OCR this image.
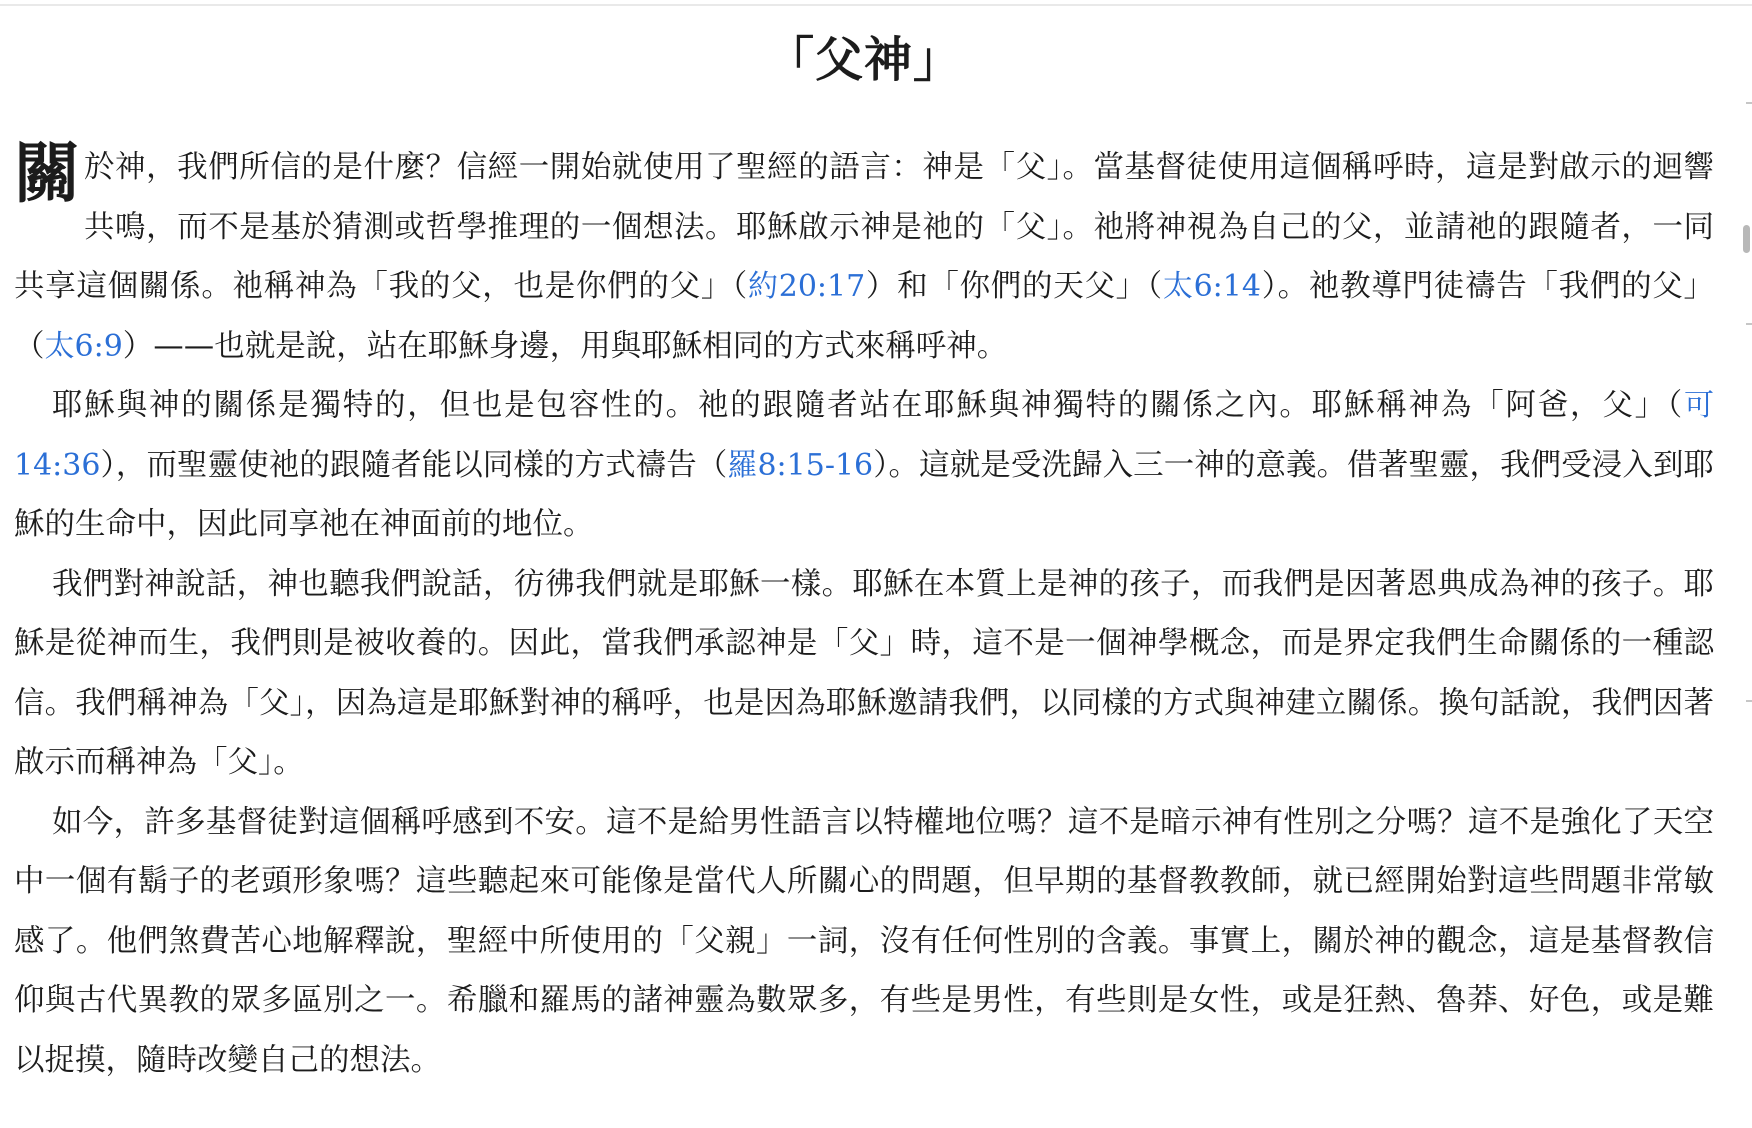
「父神」

關於神，我們所信的是什麼？信經一開始就使用了聖經的語言：神是「父」。當基督徒使用這個稱呼時，這是對啟示的迴響共鳴，而不是基於猜測或哲學推理的一個想法。耶穌啟示神是祂的「父」。祂將神視為自己的父，並請祂的跟隨者，一同共享這個關係。祂稱神為「我的父，也是你們的父」（約20:17）和「你們的天父」（太6:14）。祂教導門徒禱告「我們的父」（太6:9）——也就是說，站在耶穌身邊，用與耶穌相同的方式來稱呼神。

耶穌與神的關係是獨特的，但也是包容性的。祂的跟隨者站在耶穌與神獨特的關係之內。耶穌稱神為「阿爸，父」（可14:36），而聖靈使祂的跟隨者能以同樣的方式禱告（羅8:15-16）。這就是受洗歸入三一神的意義。借著聖靈，我們受浸入到耶穌的生命中，因此同享祂在神面前的地位。

我們對神說話，神也聽我們說話，彷彿我們就是耶穌一樣。耶穌在本質上是神的孩子，而我們是因著恩典成為神的孩子。耶穌是從神而生，我們則是被收養的。因此，當我們承認神是「父」時，這不是一個神學概念，而是界定我們生命關係的一種認信。我們稱神為「父」，因為這是耶穌對神的稱呼，也是因為耶穌邀請我們，以同樣的方式與神建立關係。換句話說，我們因著啟示而稱神為「父」。

如今，許多基督徒對這個稱呼感到不安。這不是給男性語言以特權地位嗎？這不是暗示神有性別之分嗎？這不是強化了天空中一個有鬍子的老頭形象嗎？這些聽起來可能像是當代人所關心的問題，但早期的基督教教師，就已經開始對這些問題非常敏感了。他們煞費苦心地解釋說，聖經中所使用的「父親」一詞，沒有任何性別的含義。事實上，關於神的觀念，這是基督教信仰與古代異教的眾多區別之一。希臘和羅馬的諸神靈為數眾多，有些是男性，有些則是女性，或是狂熱、魯莽、好色，或是難以捉摸，隨時改變自己的想法。
